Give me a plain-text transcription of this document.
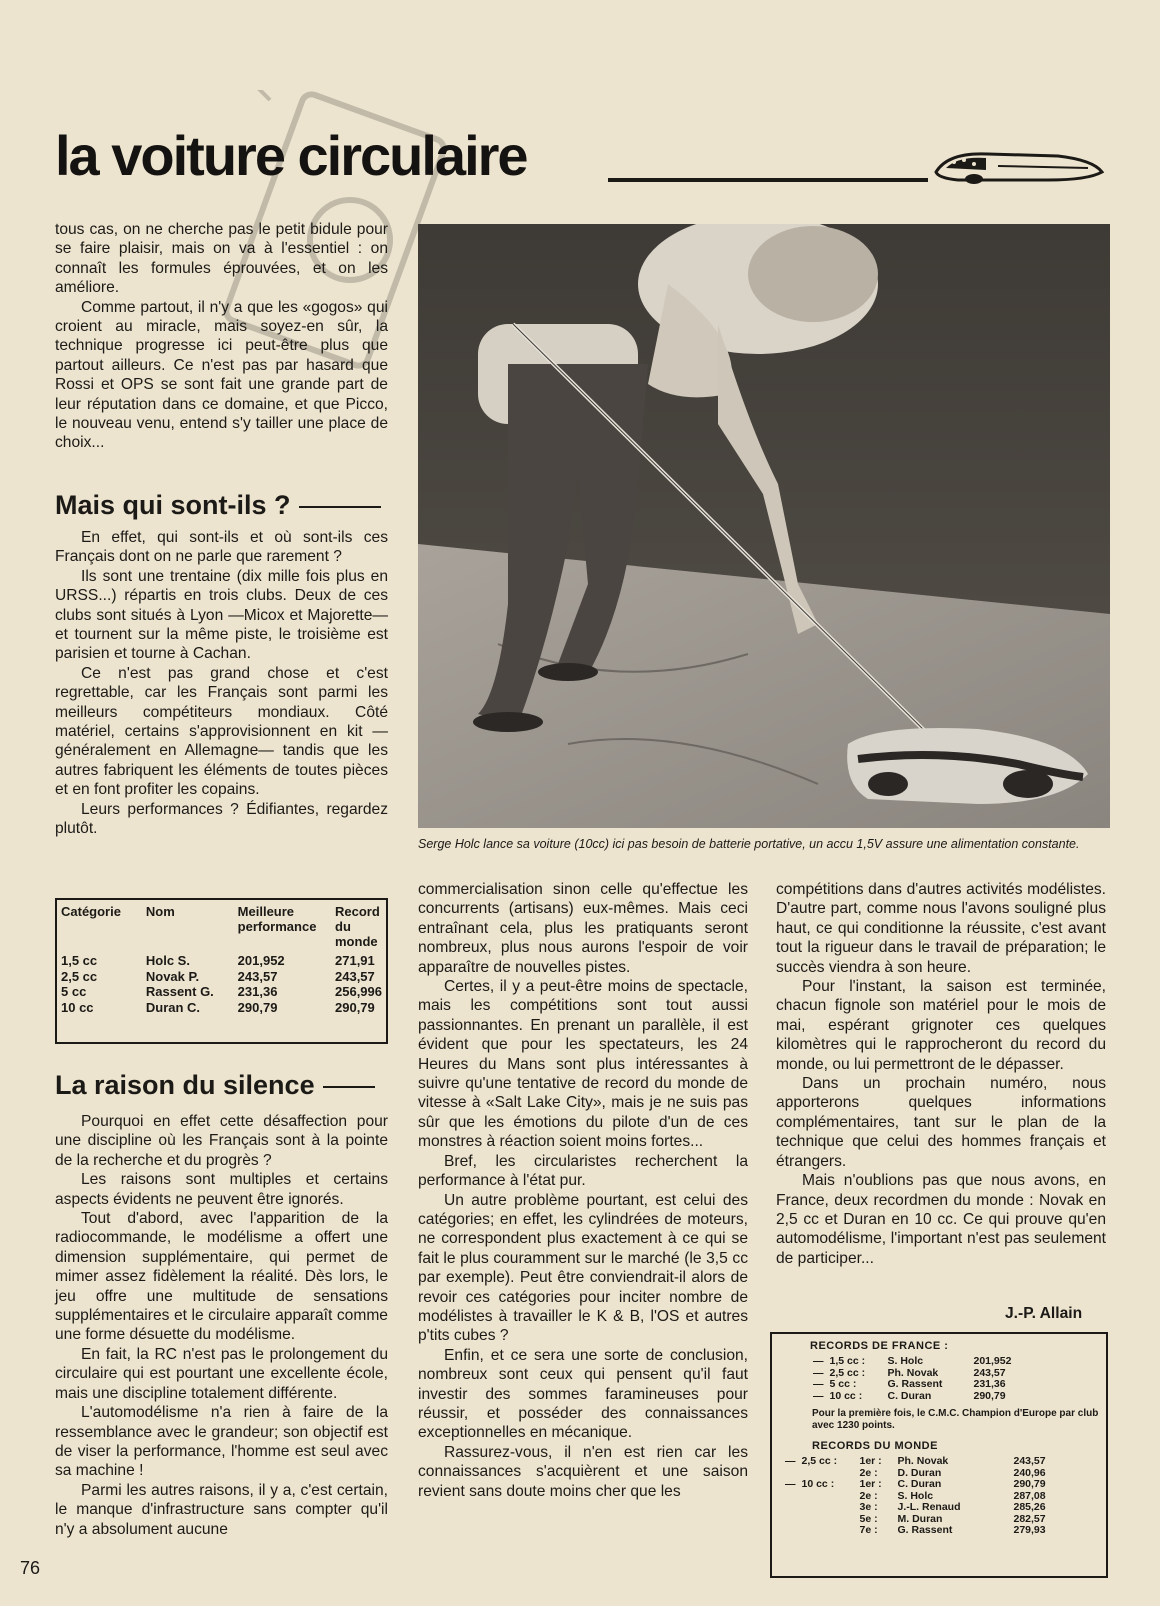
la voiture circulaire

tous cas, on ne cherche pas le petit bidule pour se faire plaisir, mais on va à l'essentiel : on connaît les formules éprouvées, et on les améliore.

Comme partout, il n'y a que les «gogos» qui croient au miracle, mais soyez-en sûr, la technique progresse ici peut-être plus que partout ailleurs. Ce n'est pas par hasard que Rossi et OPS se sont fait une grande part de leur réputation dans ce domaine, et que Picco, le nouveau venu, entend s'y tailler une place de choix...

Mais qui sont-ils ?

En effet, qui sont-ils et où sont-ils ces Français dont on ne parle que rarement ?

Ils sont une trentaine (dix mille fois plus en URSS...) répartis en trois clubs. Deux de ces clubs sont situés à Lyon —Micox et Majorette— et tournent sur la même piste, le troisième est parisien et tourne à Cachan.

Ce n'est pas grand chose et c'est regrettable, car les Français sont parmi les meilleurs compétiteurs mondiaux. Côté matériel, certains s'approvisionnent en kit —généralement en Allemagne— tandis que les autres fabriquent les éléments de toutes pièces et en font profiter les copains.

Leurs performances ? Édifiantes, regardez plutôt.

Catégorie	Nom	Meilleure performance	Record du monde

1,5 cc	Holc S.	201,952	271,91
2,5 cc	Novak P.	243,57	243,57
5 cc	Rassent G.	231,36	256,996
10 cc	Duran C.	290,79	290,79
La raison du silence

Pourquoi en effet cette désaffection pour une discipline où les Français sont à la pointe de la recherche et du progrès ?

Les raisons sont multiples et certains aspects évidents ne peuvent être ignorés.

Tout d'abord, avec l'apparition de la radiocommande, le modélisme a offert une dimension supplémentaire, qui permet de mimer assez fidèlement la réalité. Dès lors, le jeu offre une multitude de sensations supplémentaires et le circulaire apparaît comme une forme désuette du modélisme.

En fait, la RC n'est pas le prolongement du circulaire qui est pourtant une excellente école, mais une discipline totalement différente.

L'automodélisme n'a rien à faire de la ressemblance avec le grandeur; son objectif est de viser la performance, l'homme est seul avec sa machine !

Parmi les autres raisons, il y a, c'est certain, le manque d'infrastructure sans compter qu'il n'y a absolument aucune

Serge Holc lance sa voiture (10cc) ici pas besoin de batterie portative, un accu 1,5V assure une alimentation constante.

commercialisation sinon celle qu'effectue les concurrents (artisans) eux-mêmes. Mais ceci entraînant cela, plus les pratiquants seront nombreux, plus nous aurons l'espoir de voir apparaître de nouvelles pistes.

Certes, il y a peut-être moins de spectacle, mais les compétitions sont tout aussi passionnantes. En prenant un parallèle, il est évident que pour les spectateurs, les 24 Heures du Mans sont plus intéressantes à suivre qu'une tentative de record du monde de vitesse à «Salt Lake City», mais je ne suis pas sûr que les émotions du pilote d'un de ces monstres à réaction soient moins fortes...

Bref, les circularistes recherchent la performance à l'état pur.

Un autre problème pourtant, est celui des catégories; en effet, les cylindrées de moteurs, ne correspondent plus exactement à ce qui se fait le plus couramment sur le marché (le 3,5 cc par exemple). Peut être conviendrait-il alors de revoir ces catégories pour inciter nombre de modélistes à travailler le K & B, l'OS et autres p'tits cubes ?

Enfin, et ce sera une sorte de conclusion, nombreux sont ceux qui pensent qu'il faut investir des sommes faramineuses pour réussir, et posséder des connaissances exceptionnelles en mécanique.

Rassurez-vous, il n'en est rien car les connaissances s'acquièrent et une saison revient sans doute moins cher que les

compétitions dans d'autres activités modélistes. D'autre part, comme nous l'avons souligné plus haut, ce qui conditionne la réussite, c'est avant tout la rigueur dans le travail de préparation; le succès viendra à son heure.

Pour l'instant, la saison est terminée, chacun fignole son matériel pour le mois de mai, espérant grignoter ces quelques kilomètres qui le rapprocheront du record du monde, ou lui permettront de le dépasser.

Dans un prochain numéro, nous apporterons quelques informations complémentaires, tant sur le plan de la technique que celui des hommes français et étrangers.

Mais n'oublions pas que nous avons, en France, deux recordmen du monde : Novak en 2,5 cc et Duran en 10 cc. Ce qui prouve qu'en automodélisme, l'important n'est pas seulement de participer...

J.-P. Allain
RECORDS DE FRANCE :
—	1,5 cc :	S. Holc	201,952
—	2,5 cc :	Ph. Novak	243,57
—	5 cc :	G. Rassent	231,36
—	10 cc :	C. Duran	290,79
Pour la première fois, le C.M.C. Champion d'Europe par club avec 1230 points.
RECORDS DU MONDE
—	2,5 cc :	1er :	Ph. Novak	243,57
		2e :	D. Duran	240,96
—	10 cc :	1er :	C. Duran	290,79
		2e :	S. Holc	287,08
		3e :	J.-L. Renaud	285,26
		5e :	M. Duran	282,57
		7e :	G. Rassent	279,93
76
